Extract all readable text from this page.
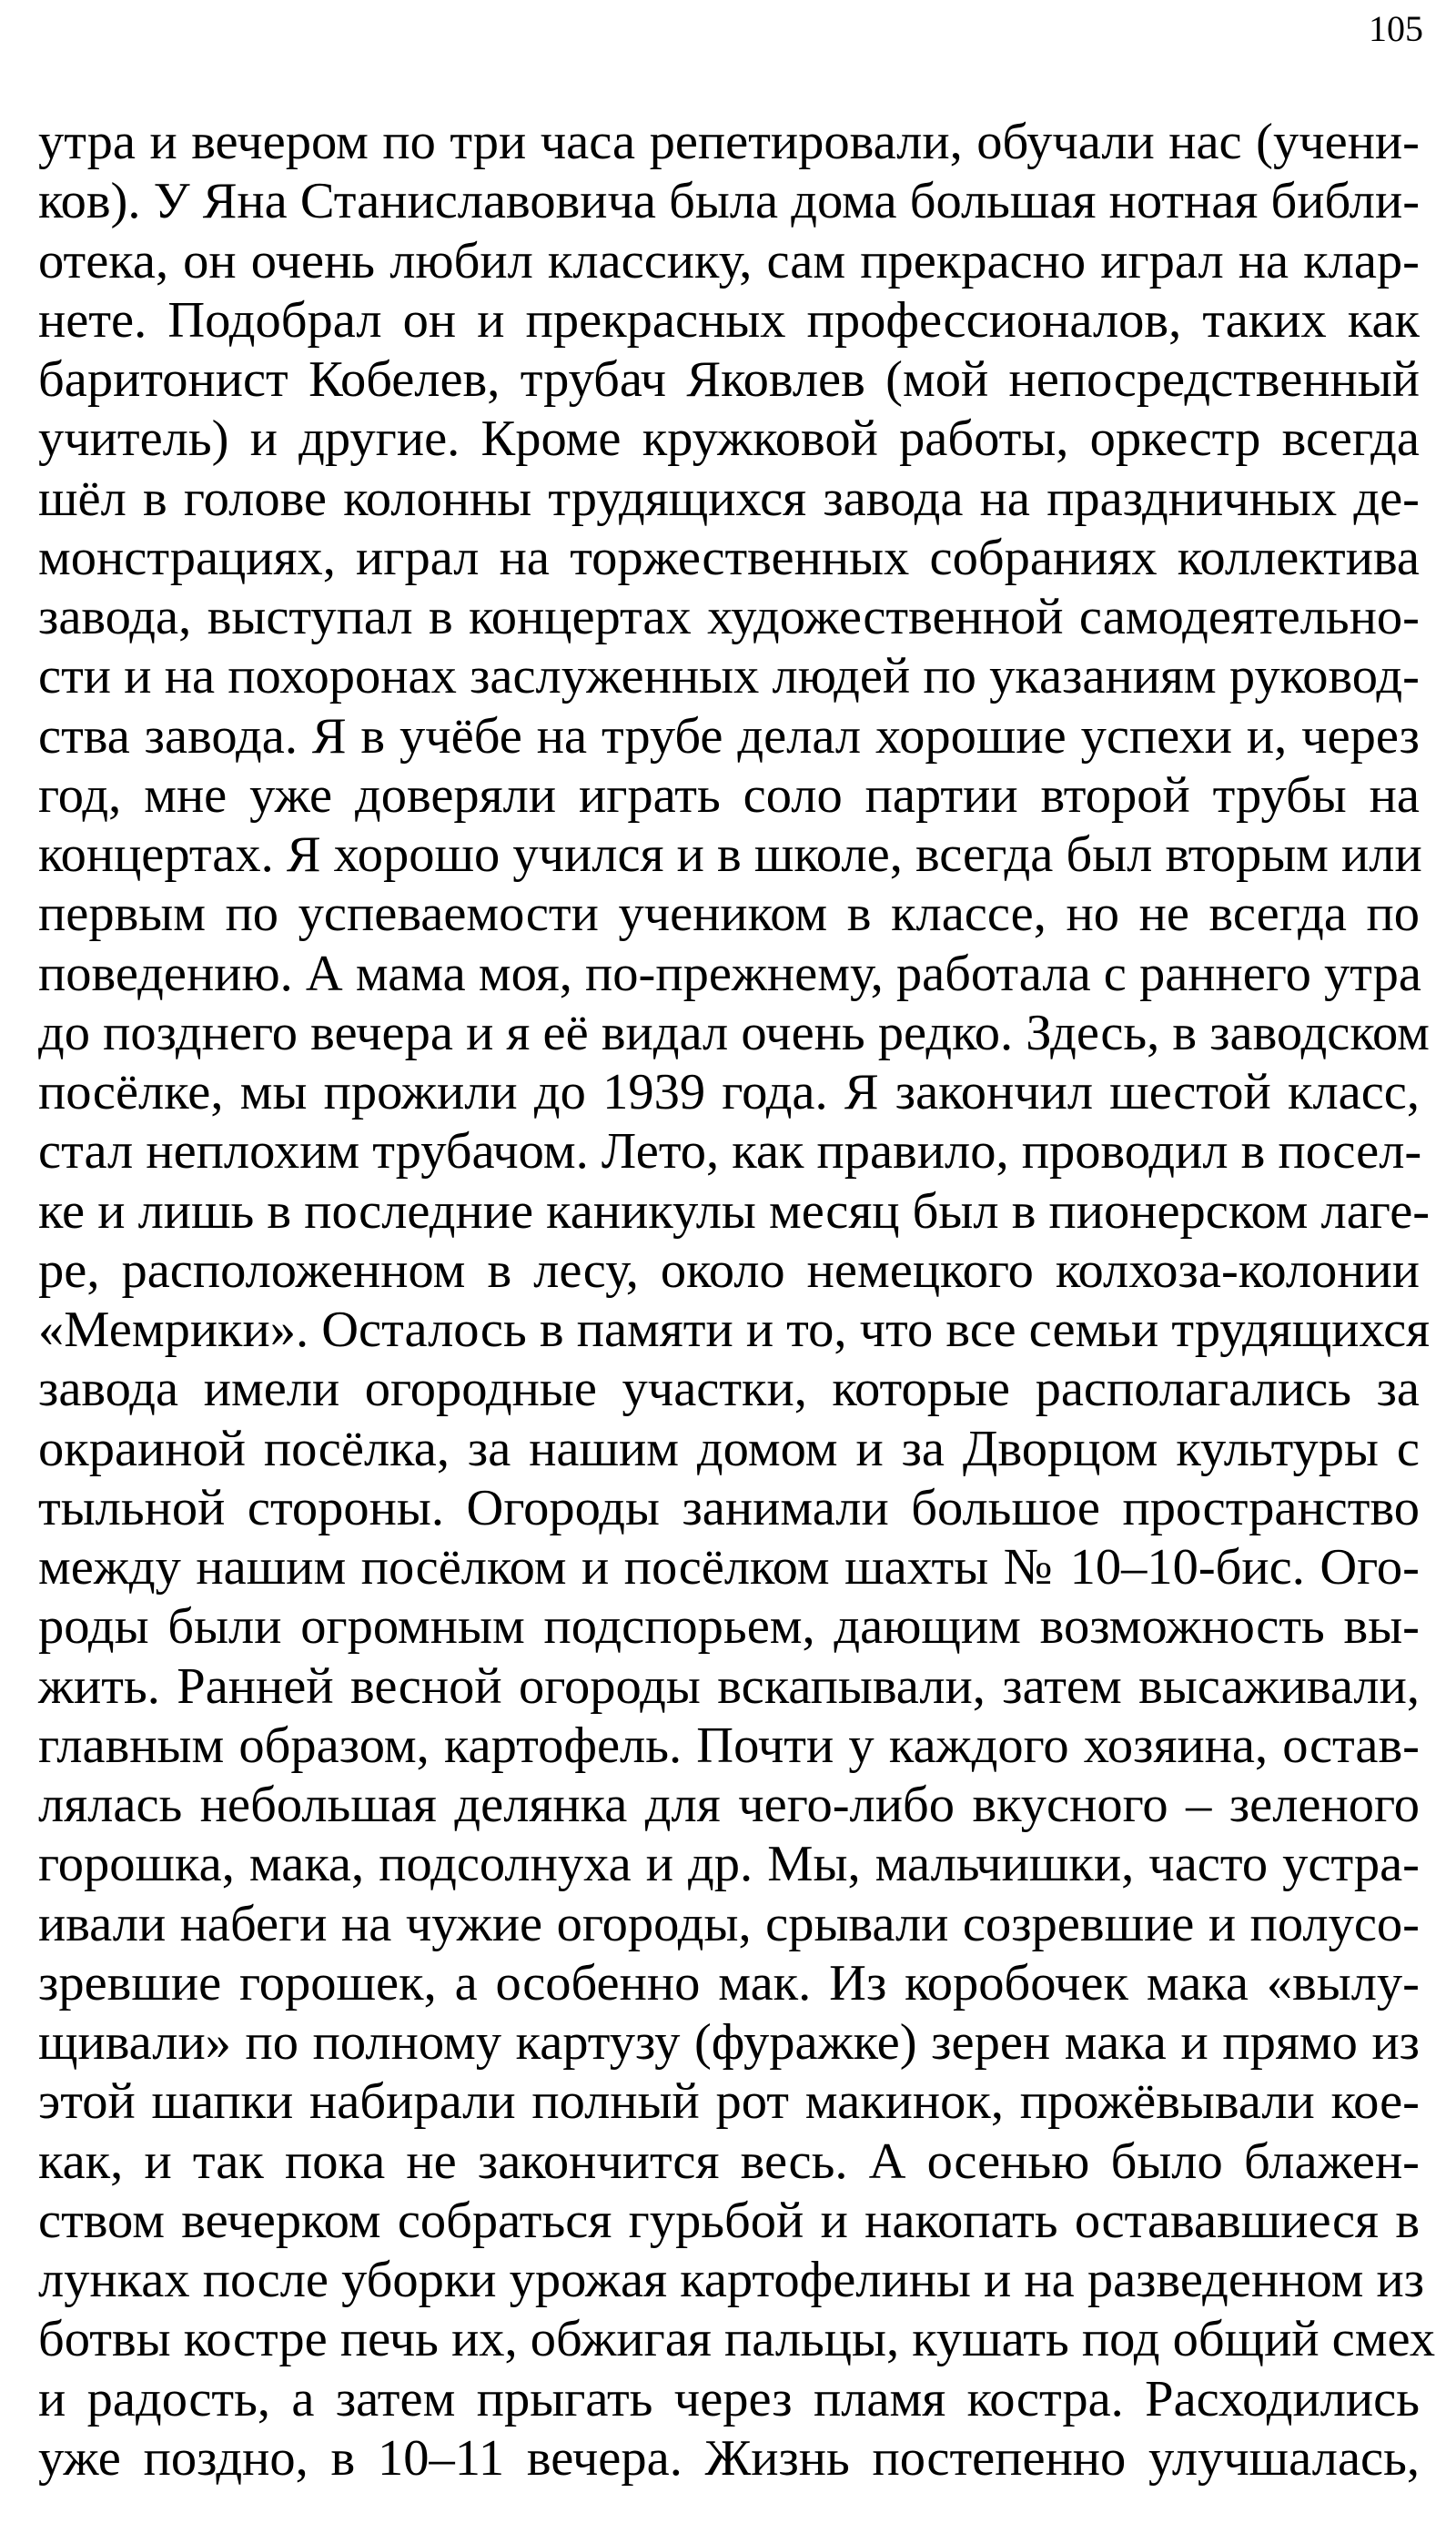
105
утра и вечером по три часа репетировали, обучали нас (учени-
ков). У Яна Станиславовича была дома большая нотная библи-
отека, он очень любил классику, сам прекрасно играл на клар-
нете. Подобрал он и прекрасных профессионалов, таких как
баритонист Кобелев, трубач Яковлев (мой непосредственный
учитель) и другие. Кроме кружковой работы, оркестр всегда
шёл в голове колонны трудящихся завода на праздничных де-
монстрациях, играл на торжественных собраниях коллектива
завода, выступал в концертах художественной самодеятельно-
сти и на похоронах заслуженных людей по указаниям руковод-
ства завода. Я в учёбе на трубе делал хорошие успехи и, через
год, мне уже доверяли играть соло партии второй трубы на
концертах. Я хорошо учился и в школе, всегда был вторым или
первым по успеваемости учеником в классе, но не всегда по
поведению. А мама моя, по-прежнему, работала с раннего утра
до позднего вечера и я её видал очень редко. Здесь, в заводском
посёлке, мы прожили до 1939 года. Я закончил шестой класс,
стал неплохим трубачом. Лето, как правило, проводил в посел-
ке и лишь в последние каникулы месяц был в пионерском лаге-
ре, расположенном в лесу, около немецкого колхоза-колонии
«Мемрики». Осталось в памяти и то, что все семьи трудящихся
завода имели огородные участки, которые располагались за
окраиной посёлка, за нашим домом и за Дворцом культуры с
тыльной стороны. Огороды занимали большое пространство
между нашим посёлком и посёлком шахты № 10–10-бис. Ого-
роды были огромным подспорьем, дающим возможность вы-
жить. Ранней весной огороды вскапывали, затем высаживали,
главным образом, картофель. Почти у каждого хозяина, остав-
лялась небольшая делянка для чего-либо вкусного – зеленого
горошка, мака, подсолнуха и др. Мы, мальчишки, часто устра-
ивали набеги на чужие огороды, срывали созревшие и полусо-
зревшие горошек, а особенно мак. Из коробочек мака «вылу-
щивали» по полному картузу (фуражке) зерен мака и прямо из
этой шапки набирали полный рот макинок, прожёвывали кое-
как, и так пока не закончится весь. А осенью было блажен-
ством вечерком собраться гурьбой и накопать остававшиеся в
лунках после уборки урожая картофелины и на разведенном из
ботвы костре печь их, обжигая пальцы, кушать под общий смех
и радость, а затем прыгать через пламя костра. Расходились
уже поздно, в 10–11 вечера. Жизнь постепенно улучшалась,
